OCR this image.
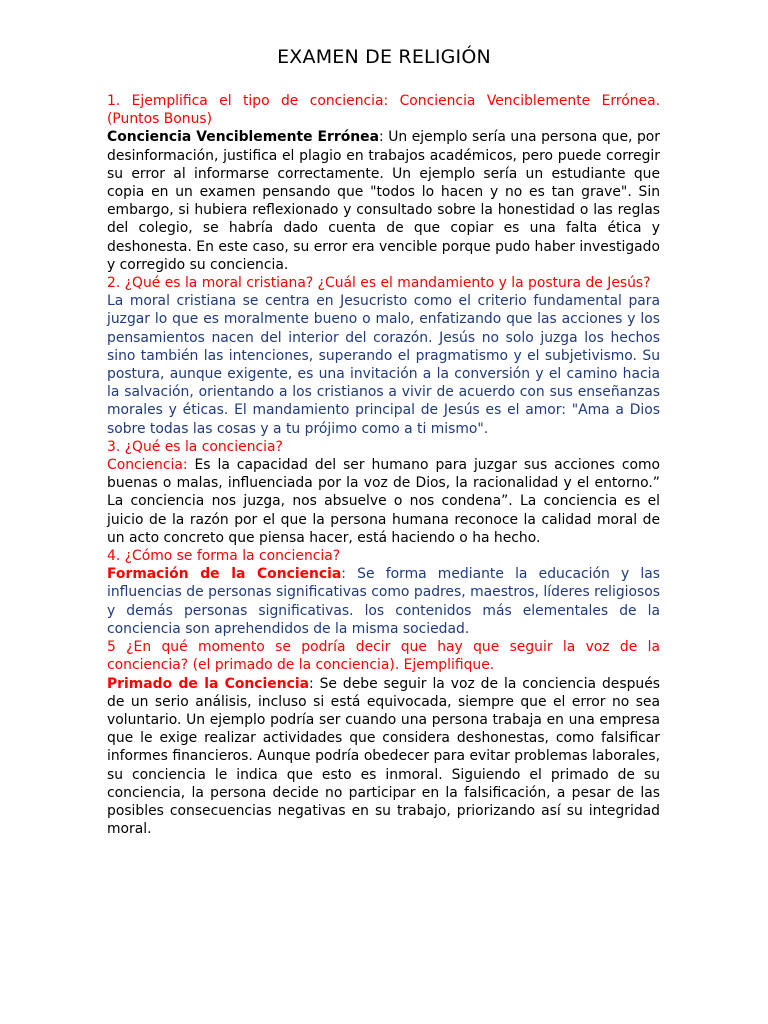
EXAMEN DE RELIGIÓN

1. Ejemplifica el tipo de conciencia: Conciencia Venciblemente Errónea. (Puntos Bonus)

Conciencia Venciblemente Errónea: Un ejemplo sería una persona que, por desinformación, justifica el plagio en trabajos académicos, pero puede corregir su error al informarse correctamente. Un ejemplo sería un estudiante que copia en un examen pensando que "todos lo hacen y no es tan grave". Sin embargo, si hubiera reflexionado y consultado sobre la honestidad o las reglas del colegio, se habría dado cuenta de que copiar es una falta ética y deshonesta. En este caso, su error era vencible porque pudo haber investigado y corregido su conciencia.

2. ¿Qué es la moral cristiana? ¿Cuál es el mandamiento y la postura de Jesús?

La moral cristiana se centra en Jesucristo como el criterio fundamental para juzgar lo que es moralmente bueno o malo, enfatizando que las acciones y los pensamientos nacen del interior del corazón. Jesús no solo juzga los hechos sino también las intenciones, superando el pragmatismo y el subjetivismo. Su postura, aunque exigente, es una invitación a la conversión y el camino hacia la salvación, orientando a los cristianos a vivir de acuerdo con sus enseñanzas morales y éticas. El mandamiento principal de Jesús es el amor: "Ama a Dios sobre todas las cosas y a tu prójimo como a ti mismo".

3. ¿Qué es la conciencia?

Conciencia: Es la capacidad del ser humano para juzgar sus acciones como buenas o malas, influenciada por la voz de Dios, la racionalidad y el entorno.” La conciencia nos juzga, nos absuelve o nos condena”. La conciencia es el juicio de la razón por el que la persona humana reconoce la calidad moral de un acto concreto que piensa hacer, está haciendo o ha hecho.

4. ¿Cómo se forma la conciencia?

Formación de la Conciencia: Se forma mediante la educación y las influencias de personas significativas como padres, maestros, líderes religiosos y demás personas significativas. los contenidos más elementales de la conciencia son aprehendidos de la misma sociedad.

5 ¿En qué momento se podría decir que hay que seguir la voz de la conciencia? (el primado de la conciencia). Ejemplifique.

Primado de la Conciencia: Se debe seguir la voz de la conciencia después de un serio análisis, incluso si está equivocada, siempre que el error no sea voluntario. Un ejemplo podría ser cuando una persona trabaja en una empresa que le exige realizar actividades que considera deshonestas, como falsificar informes financieros. Aunque podría obedecer para evitar problemas laborales, su conciencia le indica que esto es inmoral. Siguiendo el primado de su conciencia, la persona decide no participar en la falsificación, a pesar de las posibles consecuencias negativas en su trabajo, priorizando así su integridad moral.
